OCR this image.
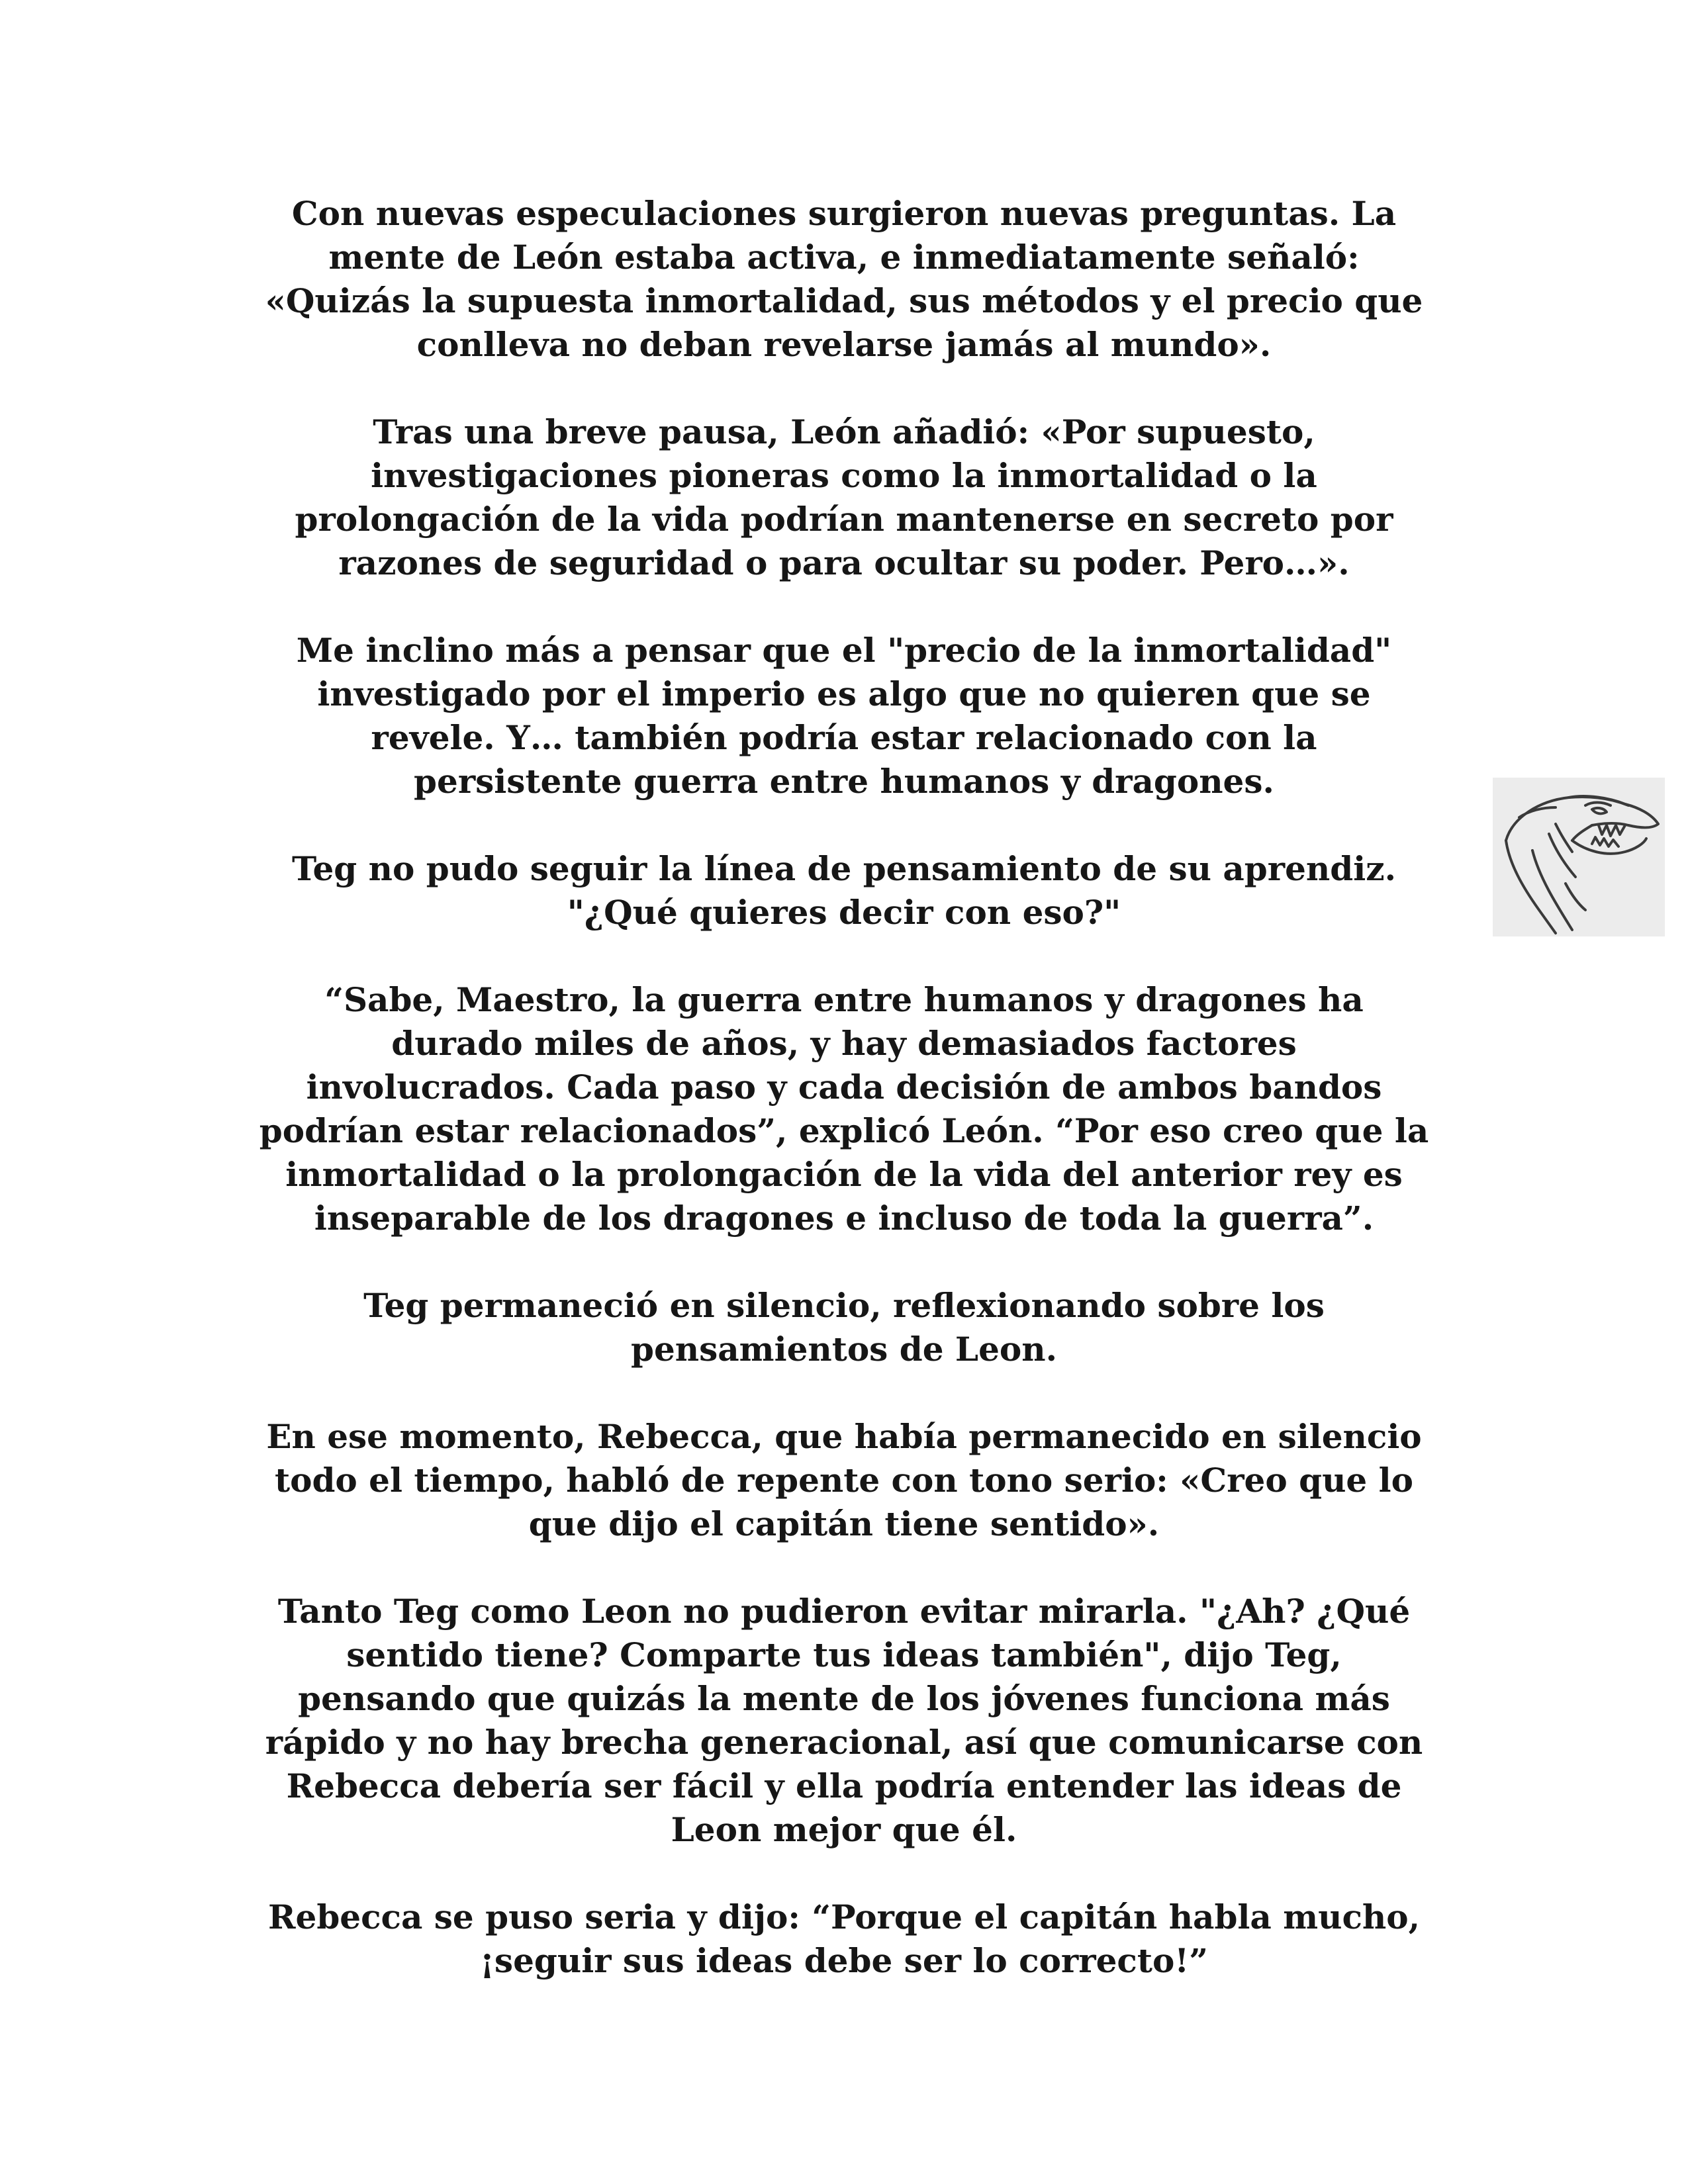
Con nuevas especulaciones surgieron nuevas preguntas. La
mente de León estaba activa, e inmediatamente señaló:
«Quizás la supuesta inmortalidad, sus métodos y el precio que
conlleva no deban revelarse jamás al mundo».

Tras una breve pausa, León añadió: «Por supuesto,
investigaciones pioneras como la inmortalidad o la
prolongación de la vida podrían mantenerse en secreto por
razones de seguridad o para ocultar su poder. Pero…».

Me inclino más a pensar que el "precio de la inmortalidad"
investigado por el imperio es algo que no quieren que se
revele. Y… también podría estar relacionado con la
persistente guerra entre humanos y dragones.

Teg no pudo seguir la línea de pensamiento de su aprendiz.
"¿Qué quieres decir con eso?"

“Sabe, Maestro, la guerra entre humanos y dragones ha
durado miles de años, y hay demasiados factores
involucrados. Cada paso y cada decisión de ambos bandos
podrían estar relacionados”, explicó León. “Por eso creo que la
inmortalidad o la prolongación de la vida del anterior rey es
inseparable de los dragones e incluso de toda la guerra”.

Teg permaneció en silencio, reflexionando sobre los
pensamientos de Leon.

En ese momento, Rebecca, que había permanecido en silencio
todo el tiempo, habló de repente con tono serio: «Creo que lo
que dijo el capitán tiene sentido».

Tanto Teg como Leon no pudieron evitar mirarla. "¿Ah? ¿Qué
sentido tiene? Comparte tus ideas también", dijo Teg,
pensando que quizás la mente de los jóvenes funciona más
rápido y no hay brecha generacional, así que comunicarse con
Rebecca debería ser fácil y ella podría entender las ideas de
Leon mejor que él.

Rebecca se puso seria y dijo: “Porque el capitán habla mucho,
¡seguir sus ideas debe ser lo correcto!”
